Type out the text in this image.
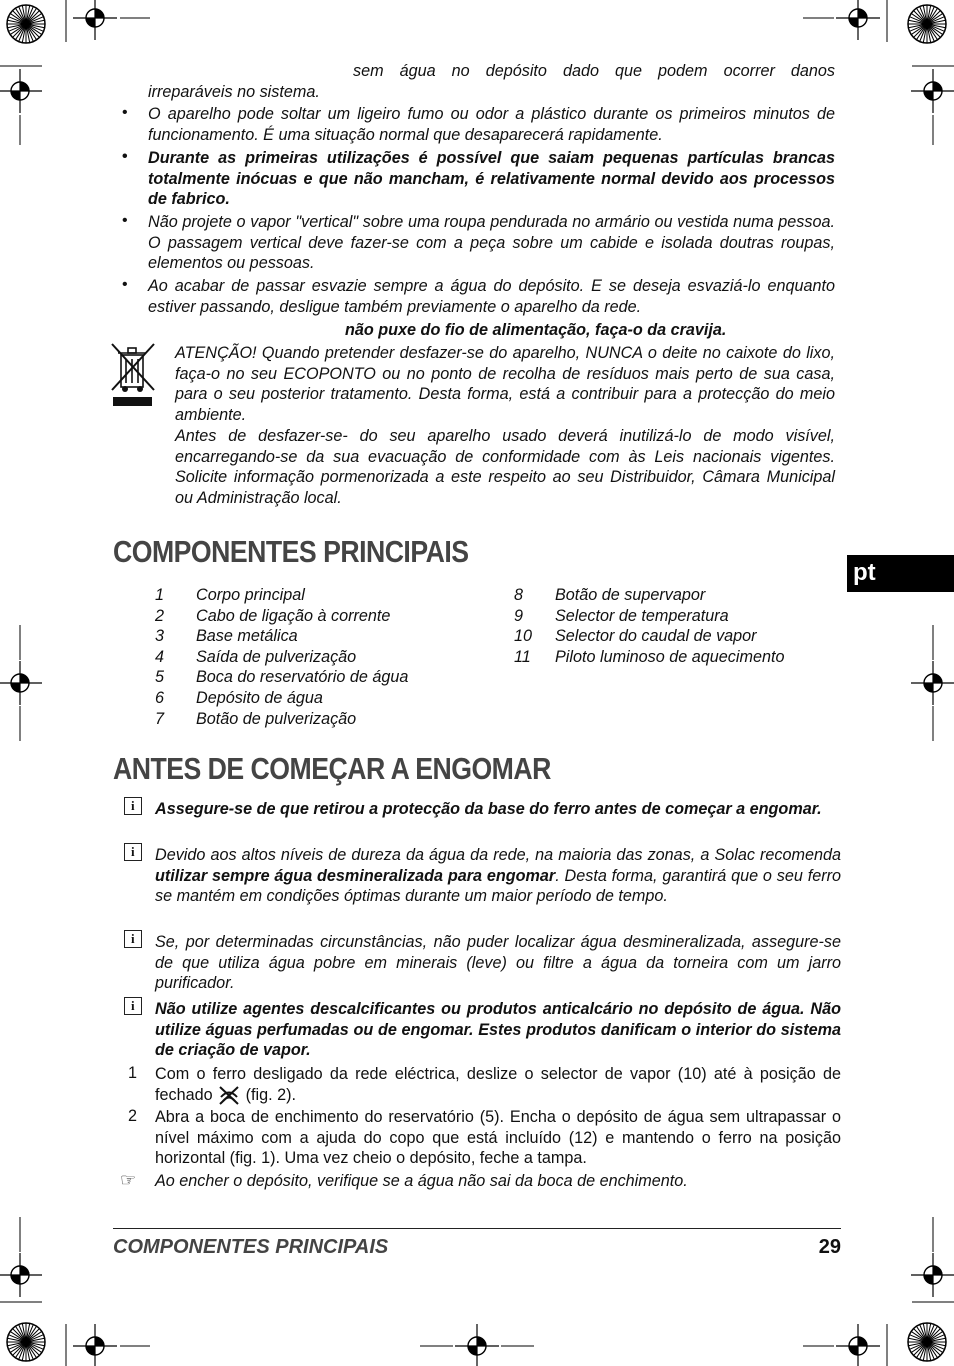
sem água no depósito dado que podem ocorrer danos
irreparáveis no sistema.
• O aparelho pode soltar um ligeiro fumo ou odor a plástico durante os primeiros minutos de funcionamento. É uma situação normal que desaparecerá rapidamente.
• Durante as primeiras utilizações é possível que saiam pequenas partículas brancas totalmente inócuas e que não mancham, é relativamente normal devido aos processos de fabrico.
• Não projete o vapor "vertical" sobre uma roupa pendurada no armário ou vestida numa pessoa. O passagem vertical deve fazer-se com a peça sobre um cabide e isolada doutras roupas, elementos ou pessoas.
• Ao acabar de passar esvazie sempre a água do depósito. E se deseja esvaziá-lo enquanto estiver passando, desligue também previamente o aparelho da rede.
não puxe do fio de alimentação, faça-o da cravija.
ATENÇÃO! Quando pretender desfazer-se do aparelho, NUNCA o deite no caixote do lixo, faça-o no seu ECOPONTO ou no ponto de recolha de resíduos mais perto de sua casa, para o seu posterior tratamento. Desta forma, está a contribuir para a protecção do meio ambiente.
Antes de desfazer-se- do seu aparelho usado deverá inutilizá-lo de modo visível, encarregando-se da sua evacuação de conformidade com às Leis nacionais vigentes. Solicite informação pormenorizada a este respeito ao seu Distribuidor, Câmara Municipal ou Administração local.
COMPONENTES PRINCIPAIS
pt
1	Corpo principal
2	Cabo de ligação à corrente
3	Base metálica
4	Saída de pulverização
5	Boca do reservatório de água
6	Depósito de água
7	Botão de pulverização
8	Botão de supervapor
9	Selector de temperatura
10	Selector do caudal de vapor
11	Piloto luminoso de aquecimento
ANTES DE COMEÇAR A ENGOMAR
i Assegure-se de que retirou a protecção da base do ferro antes de começar a engomar.
i Devido aos altos níveis de dureza da água da rede, na maioria das zonas, a Solac recomenda utilizar sempre água desmineralizada para engomar. Desta forma, garantirá que o seu ferro se mantém em condições óptimas durante um maior período de tempo.
i Se, por determinadas circunstâncias, não puder localizar água desmineralizada, assegure-se de que utiliza água pobre em minerais (leve) ou filtre a água da torneira com um jarro purificador.
i Não utilize agentes descalcificantes ou produtos anticalcário no depósito de água. Não utilize águas perfumadas ou de engomar. Estes produtos danificam o interior do sistema de criação de vapor.
1 Com o ferro desligado da rede eléctrica, deslize o selector de vapor (10) até à posição de fechado  (fig. 2).
2 Abra a boca de enchimento do reservatório (5). Encha o depósito de água sem ultrapassar o nível máximo com a ajuda do copo que está incluído (12) e mantendo o ferro na posição horizontal (fig. 1). Uma vez cheio o depósito, feche a tampa.
☞ Ao encher o depósito, verifique se a água não sai da boca de enchimento.
COMPONENTES PRINCIPAIS	29
